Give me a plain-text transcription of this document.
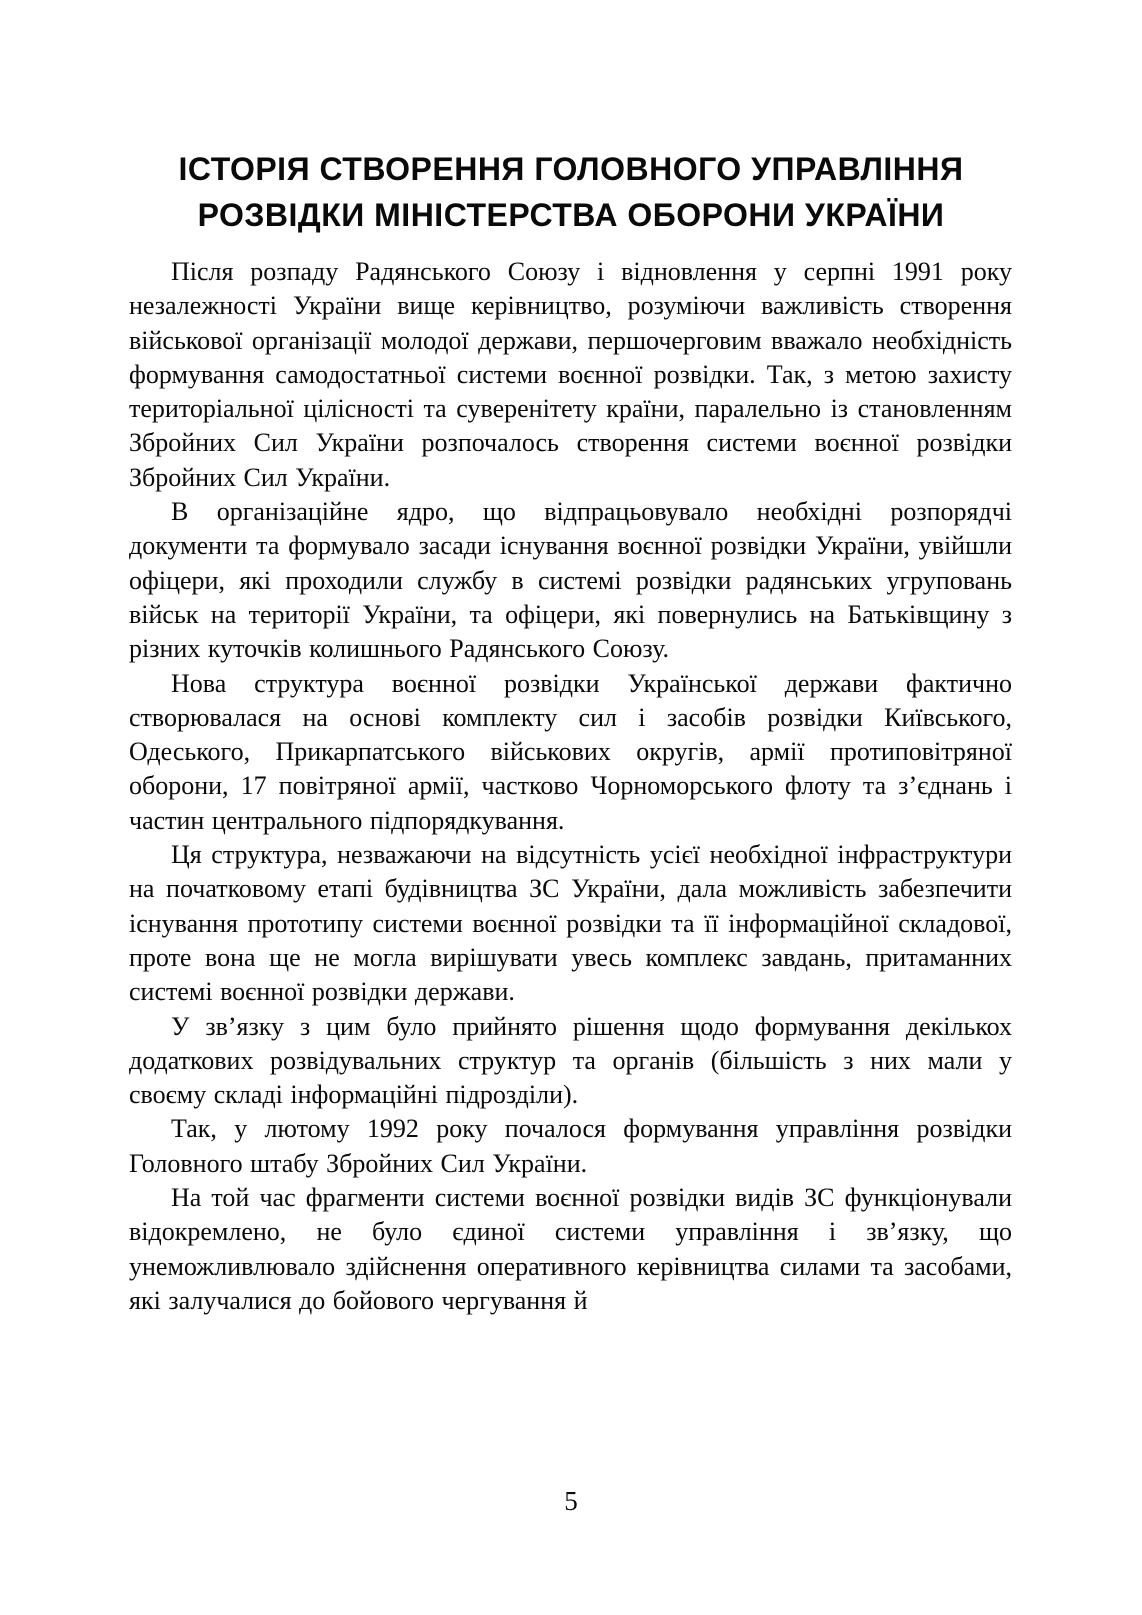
ІСТОРІЯ СТВОРЕННЯ ГОЛОВНОГО УПРАВЛІННЯ
РОЗВІДКИ МІНІСТЕРСТВА ОБОРОНИ УКРАЇНИ

Після розпаду Радянського Союзу і відновлення у серпні 1991 року незалежності України вище керівництво, розуміючи важливість створення військової організації молодої держави, першочерговим вважало необхідність формування самодостатньої системи воєнної розвідки. Так, з метою захисту територіальної цілісності та суверенітету країни, паралельно із становленням Збройних Сил України розпочалось створення системи воєнної розвідки Збройних Сил України.

В організаційне ядро, що відпрацьовувало необхідні розпорядчі документи та формувало засади існування воєнної розвідки України, увійшли офіцери, які проходили службу в системі розвідки радянських угруповань військ на території України, та офіцери, які повернулись на Батьківщину з різних куточків колишнього Радянського Союзу.

Нова структура воєнної розвідки Української держави фактично створювалася на основі комплекту сил і засобів розвідки Київського, Одеського, Прикарпатського військових округів, армії протиповітряної оборони, 17 повітряної армії, частково Чорноморського флоту та з’єднань і частин центрального підпорядкування.

Ця структура, незважаючи на відсутність усієї необхідної інфраструктури на початковому етапі будівництва ЗС України, дала можливість забезпечити існування прототипу системи воєнної розвідки та її інформаційної складової, проте вона ще не могла вирішувати увесь комплекс завдань, притаманних системі воєнної розвідки держави.

У зв’язку з цим було прийнято рішення щодо формування декількох додаткових розвідувальних структур та органів (більшість з них мали у своєму складі інформаційні підрозділи).

Так, у лютому 1992 року почалося формування управління розвідки Головного штабу Збройних Сил України.

На той час фрагменти системи воєнної розвідки видів ЗС функціонували відокремлено, не було єдиної системи управління і зв’язку, що унеможливлювало здійснення оперативного керівництва силами та засобами, які залучалися до бойового чергування й

5
